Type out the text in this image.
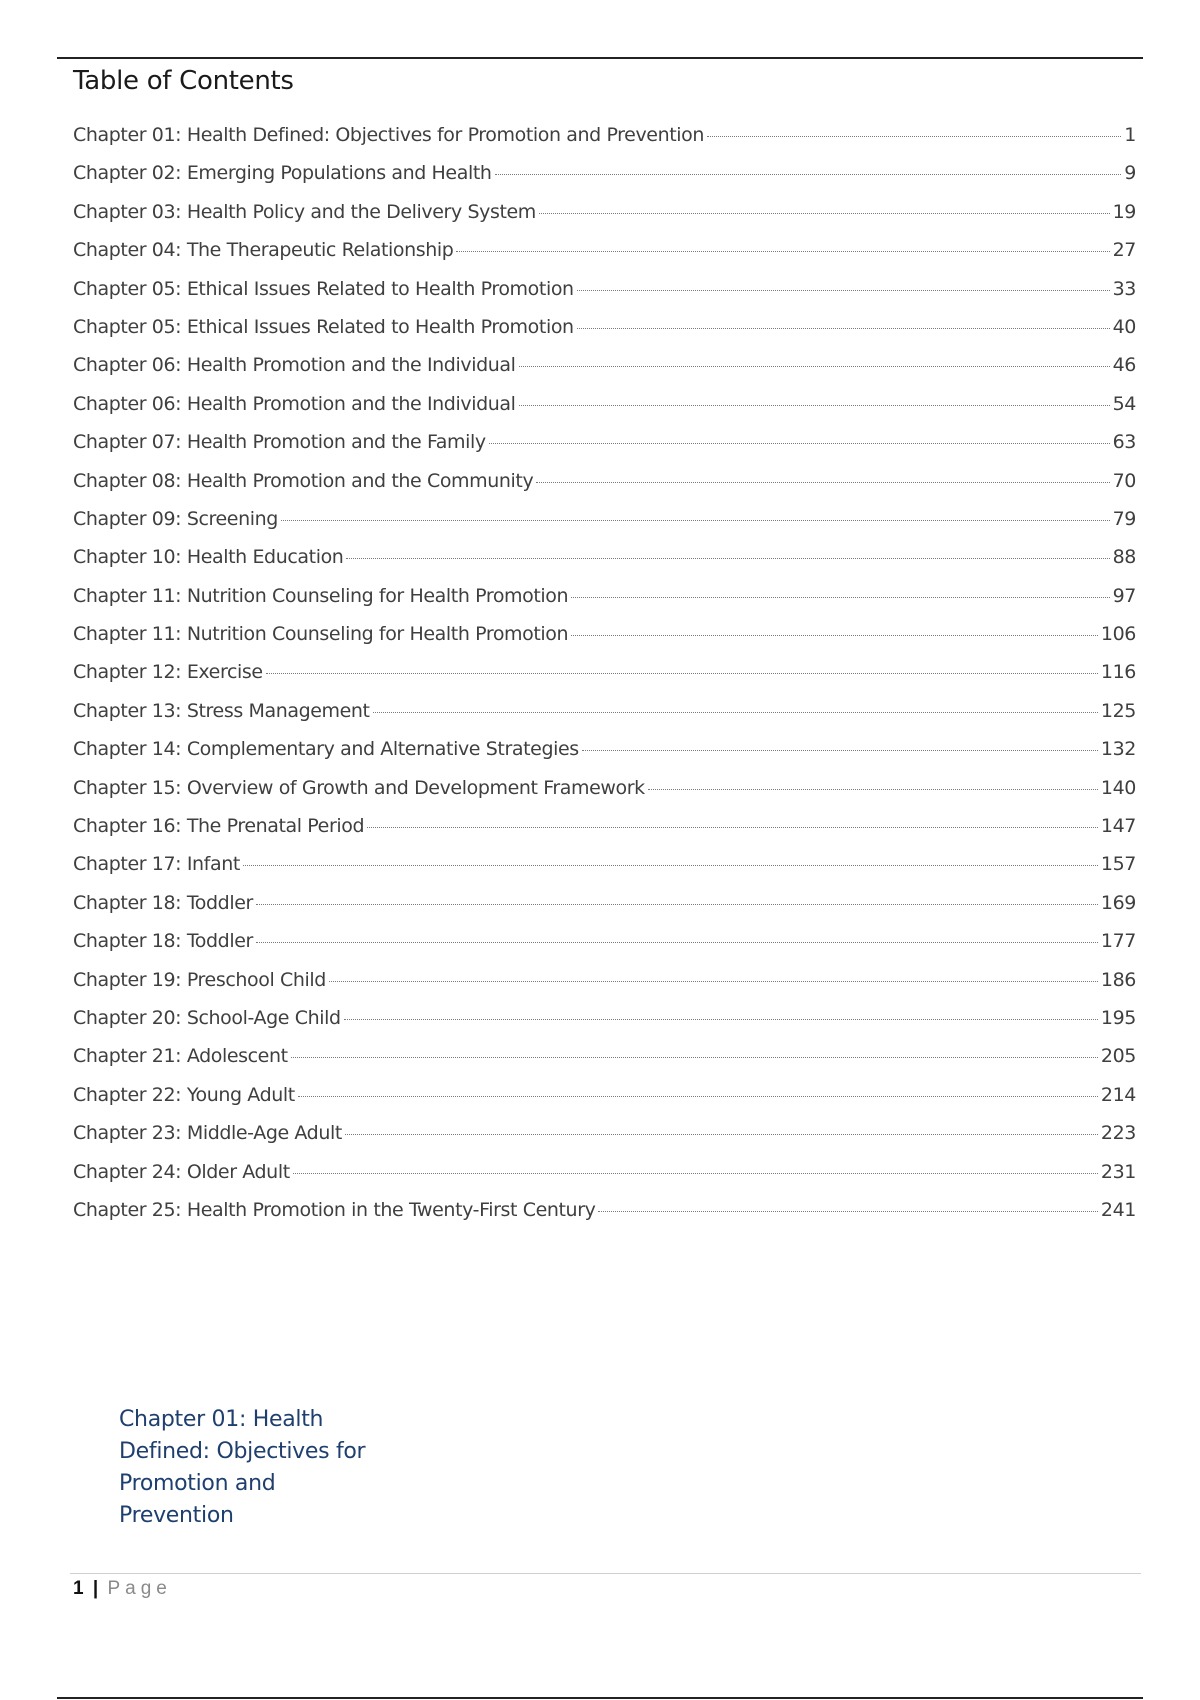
Table of Contents
Chapter 01: Health Defined: Objectives for Promotion and Prevention	1
Chapter 02: Emerging Populations and Health	9
Chapter 03: Health Policy and the Delivery System	19
Chapter 04: The Therapeutic Relationship	27
Chapter 05: Ethical Issues Related to Health Promotion	33
Chapter 05: Ethical Issues Related to Health Promotion	40
Chapter 06: Health Promotion and the Individual	46
Chapter 06: Health Promotion and the Individual	54
Chapter 07: Health Promotion and the Family	63
Chapter 08: Health Promotion and the Community	70
Chapter 09: Screening	79
Chapter 10: Health Education	88
Chapter 11: Nutrition Counseling for Health Promotion	97
Chapter 11: Nutrition Counseling for Health Promotion	106
Chapter 12: Exercise	116
Chapter 13: Stress Management	125
Chapter 14: Complementary and Alternative Strategies	132
Chapter 15: Overview of Growth and Development Framework	140
Chapter 16: The Prenatal Period	147
Chapter 17: Infant	157
Chapter 18: Toddler	169
Chapter 18: Toddler	177
Chapter 19: Preschool Child	186
Chapter 20: School-Age Child	195
Chapter 21: Adolescent	205
Chapter 22: Young Adult	214
Chapter 23: Middle-Age Adult	223
Chapter 24: Older Adult	231
Chapter 25: Health Promotion in the Twenty-First Century	241
Chapter 01: Health Defined: Objectives for Promotion and Prevention
1 | Page
